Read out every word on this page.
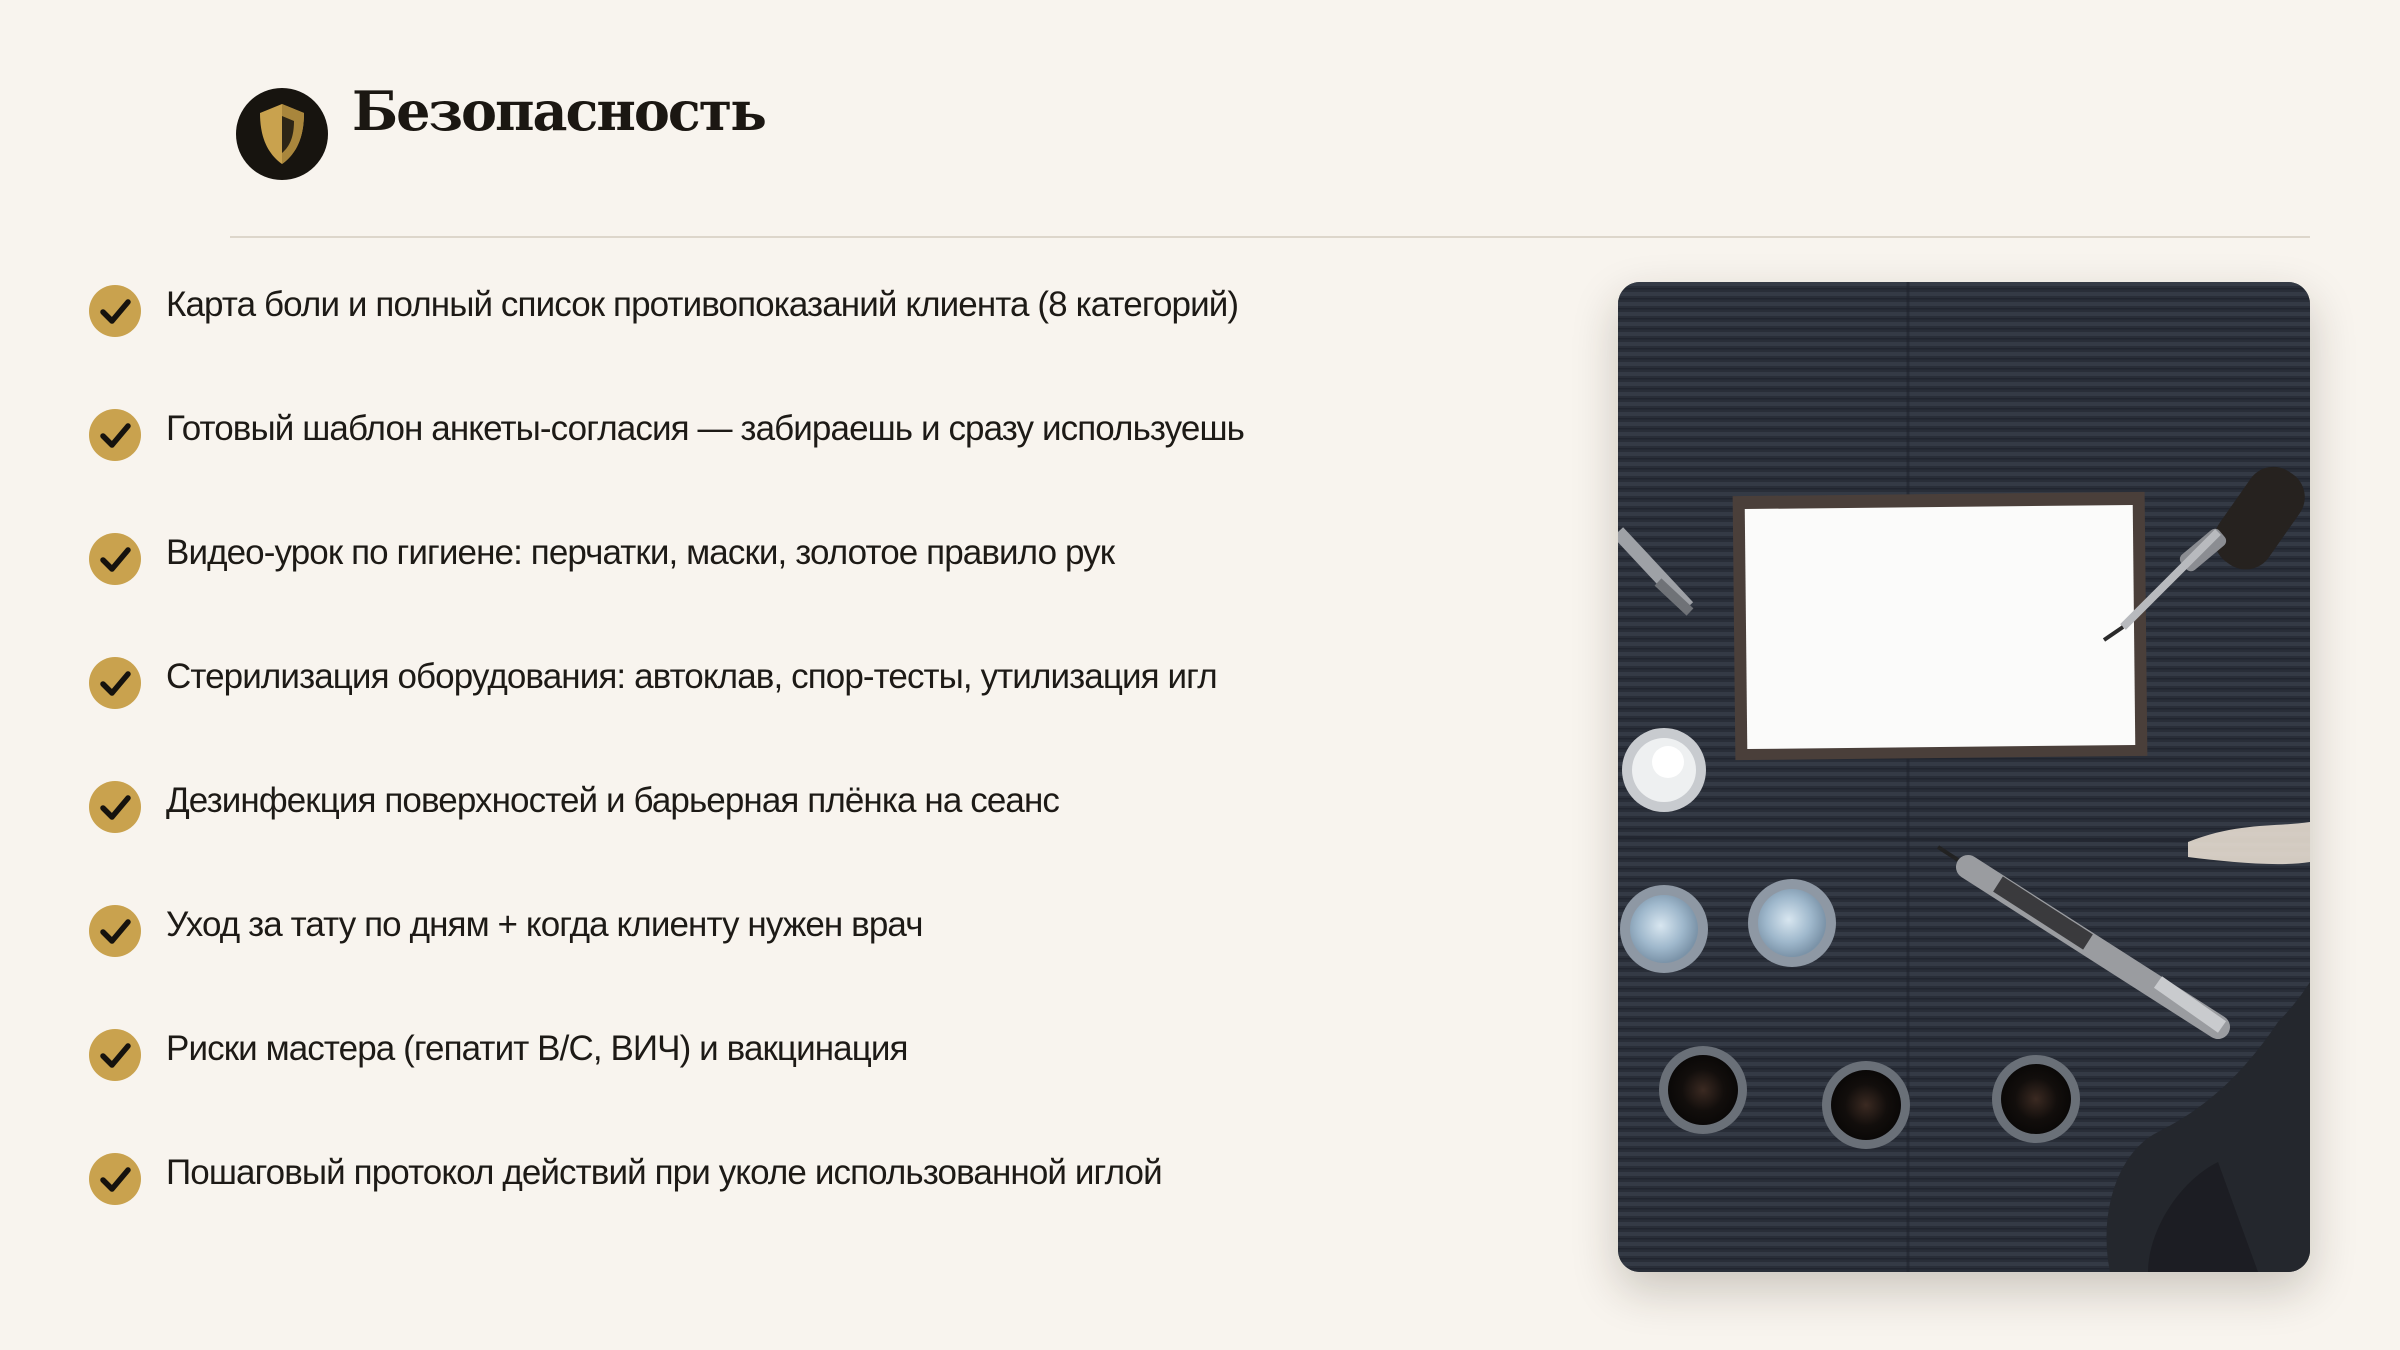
Безопасность
Карта боли и полный список противопоказаний клиента (8 категорий)
Готовый шаблон анкеты-согласия — забираешь и сразу используешь
Видео-урок по гигиене: перчатки, маски, золотое правило рук
Стерилизация оборудования: автоклав, спор-тесты, утилизация игл
Дезинфекция поверхностей и барьерная плёнка на сеанс
Уход за тату по дням + когда клиенту нужен врач
Риски мастера (гепатит B/C, ВИЧ) и вакцинация
Пошаговый протокол действий при уколе использованной иглой
